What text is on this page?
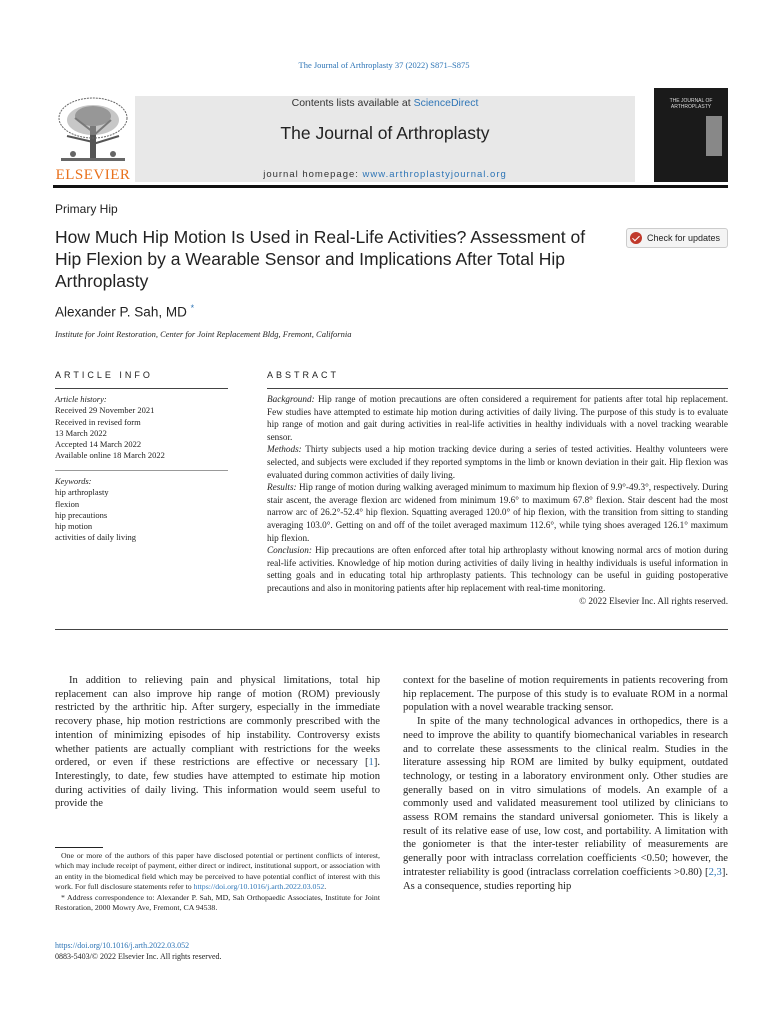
The Journal of Arthroplasty 37 (2022) S871–S875
ELSEVIER
Contents lists available at ScienceDirect
The Journal of Arthroplasty
journal homepage: www.arthroplastyjournal.org
THE JOURNAL OF ARTHROPLASTY
Primary Hip
How Much Hip Motion Is Used in Real-Life Activities? Assessment of Hip Flexion by a Wearable Sensor and Implications After Total Hip Arthroplasty
Check for updates
Alexander P. Sah, MD *
Institute for Joint Restoration, Center for Joint Replacement Bldg, Fremont, California
ARTICLE INFO
Article history:
Received 29 November 2021
Received in revised form
13 March 2022
Accepted 14 March 2022
Available online 18 March 2022
Keywords:
hip arthroplasty
flexion
hip precautions
hip motion
activities of daily living
ABSTRACT

Background: Hip range of motion precautions are often considered a requirement for patients after total hip replacement. Few studies have attempted to estimate hip motion during activities of daily living. The purpose of this study is to evaluate hip range of motion and gait during activities in real-life activities in healthy individuals with a novel tracking wearable sensor.

Methods: Thirty subjects used a hip motion tracking device during a series of tested activities. Healthy volunteers were selected, and subjects were excluded if they reported symptoms in the limb or known deviation in their gait. Hip flexion was evaluated during common activities of daily living.

Results: Hip range of motion during walking averaged minimum to maximum hip flexion of 9.9°-49.3°, respectively. During stair ascent, the average flexion arc widened from minimum 19.6° to maximum 67.8° flexion. Stair descent had the most narrow arc of 26.2°-52.4° hip flexion. Squatting averaged 120.0° of hip flexion, with the transition from sitting to standing averaging 103.0°. Getting on and off of the toilet averaged maximum 112.6°, while tying shoes averaged 126.1° maximum hip flexion.

Conclusion: Hip precautions are often enforced after total hip arthroplasty without knowing normal arcs of motion during real-life activities. Knowledge of hip motion during activities of daily living in healthy individuals is useful information in setting goals and in educating total hip arthroplasty patients. This technology can be useful in guiding postoperative precautions and also in monitoring patients after hip replacement with real-time monitoring.

© 2022 Elsevier Inc. All rights reserved.

In addition to relieving pain and physical limitations, total hip replacement can also improve hip range of motion (ROM) previously restricted by the arthritic hip. After surgery, especially in the immediate recovery phase, hip motion restrictions are commonly prescribed with the intention of minimizing episodes of hip instability. Controversy exists whether patients are actually compliant with restrictions for the weeks ordered, or even if these restrictions are effective or necessary [1]. Interestingly, to date, few studies have attempted to estimate hip motion during activities of daily living. This information would seem useful to provide the

context for the baseline of motion requirements in patients recovering from hip replacement. The purpose of this study is to evaluate ROM in a normal population with a novel wearable tracking sensor.

In spite of the many technological advances in orthopedics, there is a need to improve the ability to quantify biomechanical variables in research and to correlate these assessments to the clinical realm. Studies in the literature assessing hip ROM are limited by bulky equipment, outdated technology, or testing in a laboratory environment only. Other studies are generally based on in vitro simulations of models. An example of a commonly used and validated measurement tool utilized by clinicians to assess ROM remains the standard universal goniometer. This is likely a result of its relative ease of use, low cost, and portability. A limitation with the goniometer is that the inter-tester reliability of measurements are generally poor with intraclass correlation coefficients <0.50; however, the intratester reliability is good (intraclass correlation coefficients >0.80) [2,3]. As a consequence, studies reporting hip

One or more of the authors of this paper have disclosed potential or pertinent conflicts of interest, which may include receipt of payment, either direct or indirect, institutional support, or association with an entity in the biomedical field which may be perceived to have potential conflict of interest with this work. For full disclosure statements refer to https://doi.org/10.1016/j.arth.2022.03.052.

* Address correspondence to: Alexander P. Sah, MD, Sah Orthopaedic Associates, Institute for Joint Restoration, 2000 Mowry Ave, Fremont, CA 94538.

https://doi.org/10.1016/j.arth.2022.03.052
0883-5403/© 2022 Elsevier Inc. All rights reserved.
